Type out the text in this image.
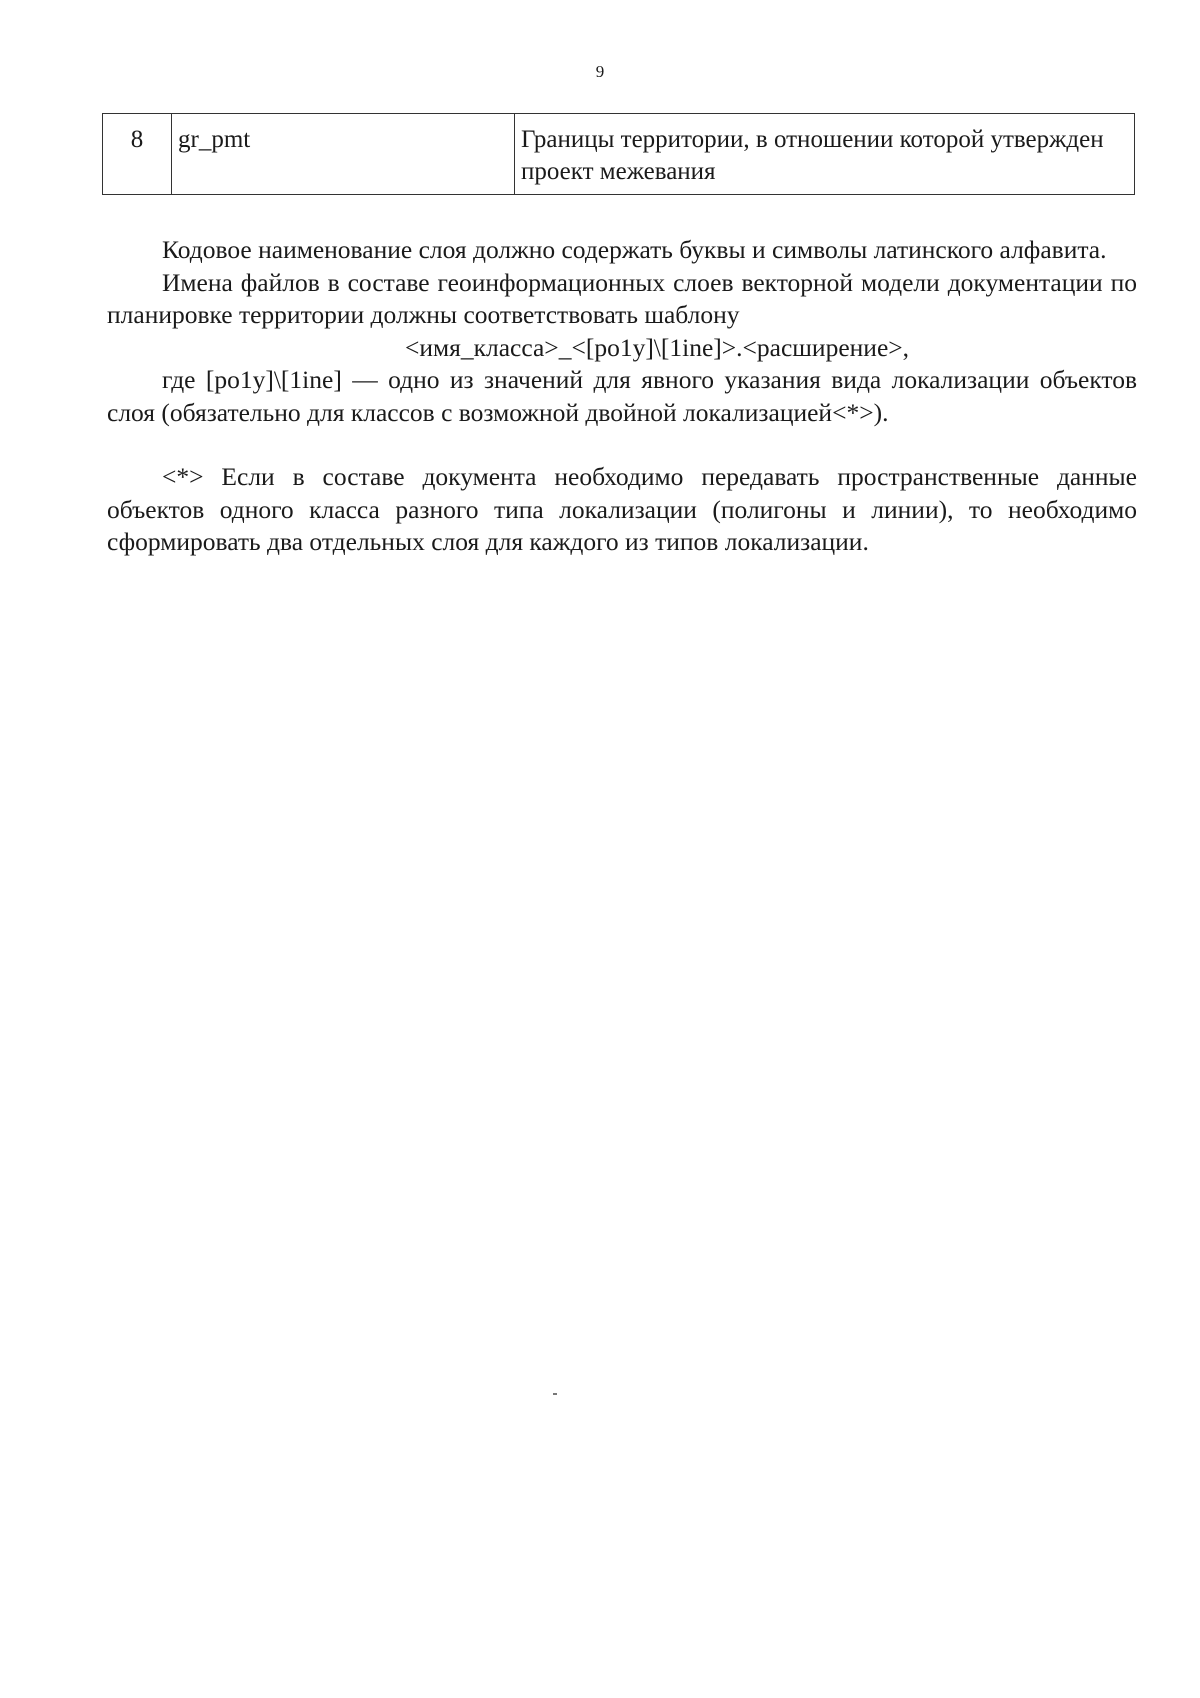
9
8	gr_pmt	Границы территории, в отношении которой утвержден проект межевания

Кодовое наименование слоя должно содержать буквы и символы латинского алфавита.

Имена файлов в составе геоинформационных слоев векторной модели документации по планировке территории должны соответствовать шаблону

<имя_класса>_<[po1y]\[1ine]>.<расширение>,

где [po1y]\[1ine] — одно из значений для явного указания вида локализации объектов слоя (обязательно для классов с возможной двойной локализацией<*>).

<*> Если в составе документа необходимо передавать пространственные данные объектов одного класса разного типа локализации (полигоны и линии), то необходимо сформировать два отдельных слоя для каждого из типов локализации.
